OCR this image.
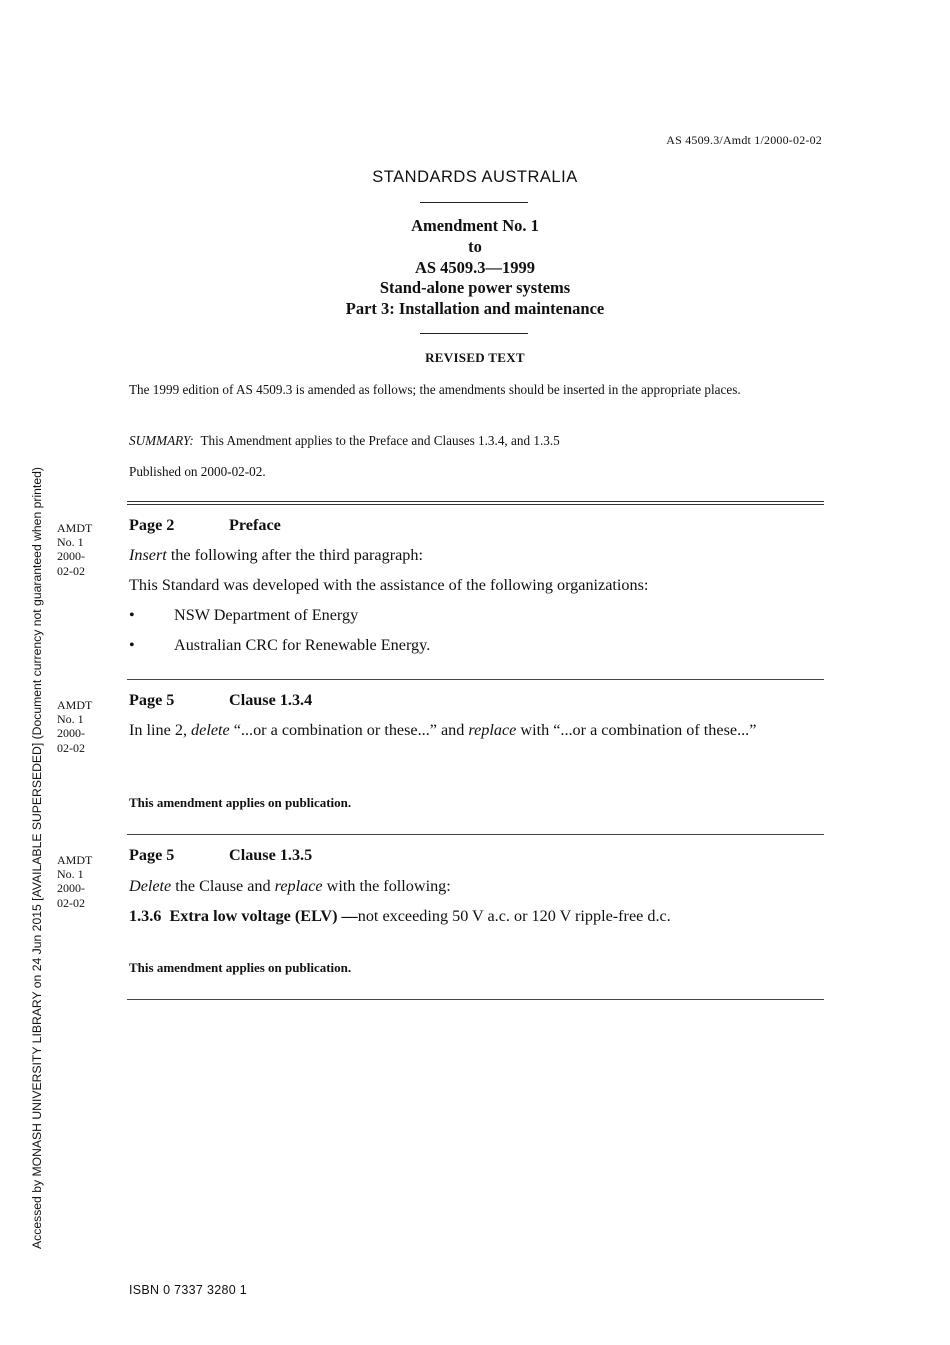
AS 4509.3/Amdt 1/2000-02-02
STANDARDS AUSTRALIA
Amendment No. 1
to
AS 4509.3—1999
Stand-alone power systems
Part 3: Installation and maintenance
REVISED TEXT
The 1999 edition of AS 4509.3 is amended as follows; the amendments should be inserted in the appropriate places.
SUMMARY: This Amendment applies to the Preface and Clauses 1.3.4, and 1.3.5
Published on 2000-02-02.
AMDT
No. 1
2000-
02-02
Page 2	Preface
Insert the following after the third paragraph:
This Standard was developed with the assistance of the following organizations:
•	NSW Department of Energy
•	Australian CRC for Renewable Energy.
AMDT
No. 1
2000-
02-02
Page 5	Clause 1.3.4
In line 2, delete “...or a combination or these...” and replace with “...or a combination of these...”
This amendment applies on publication.
AMDT
No. 1
2000-
02-02
Page 5	Clause 1.3.5
Delete the Clause and replace with the following:
1.3.6  Extra low voltage (ELV) —not exceeding 50 V a.c. or 120 V ripple-free d.c.
This amendment applies on publication.
ISBN 0 7337 3280 1
Accessed by MONASH UNIVERSITY LIBRARY on 24 Jun 2015 [AVAILABLE SUPERSEDED] (Document currency not guaranteed when printed)
